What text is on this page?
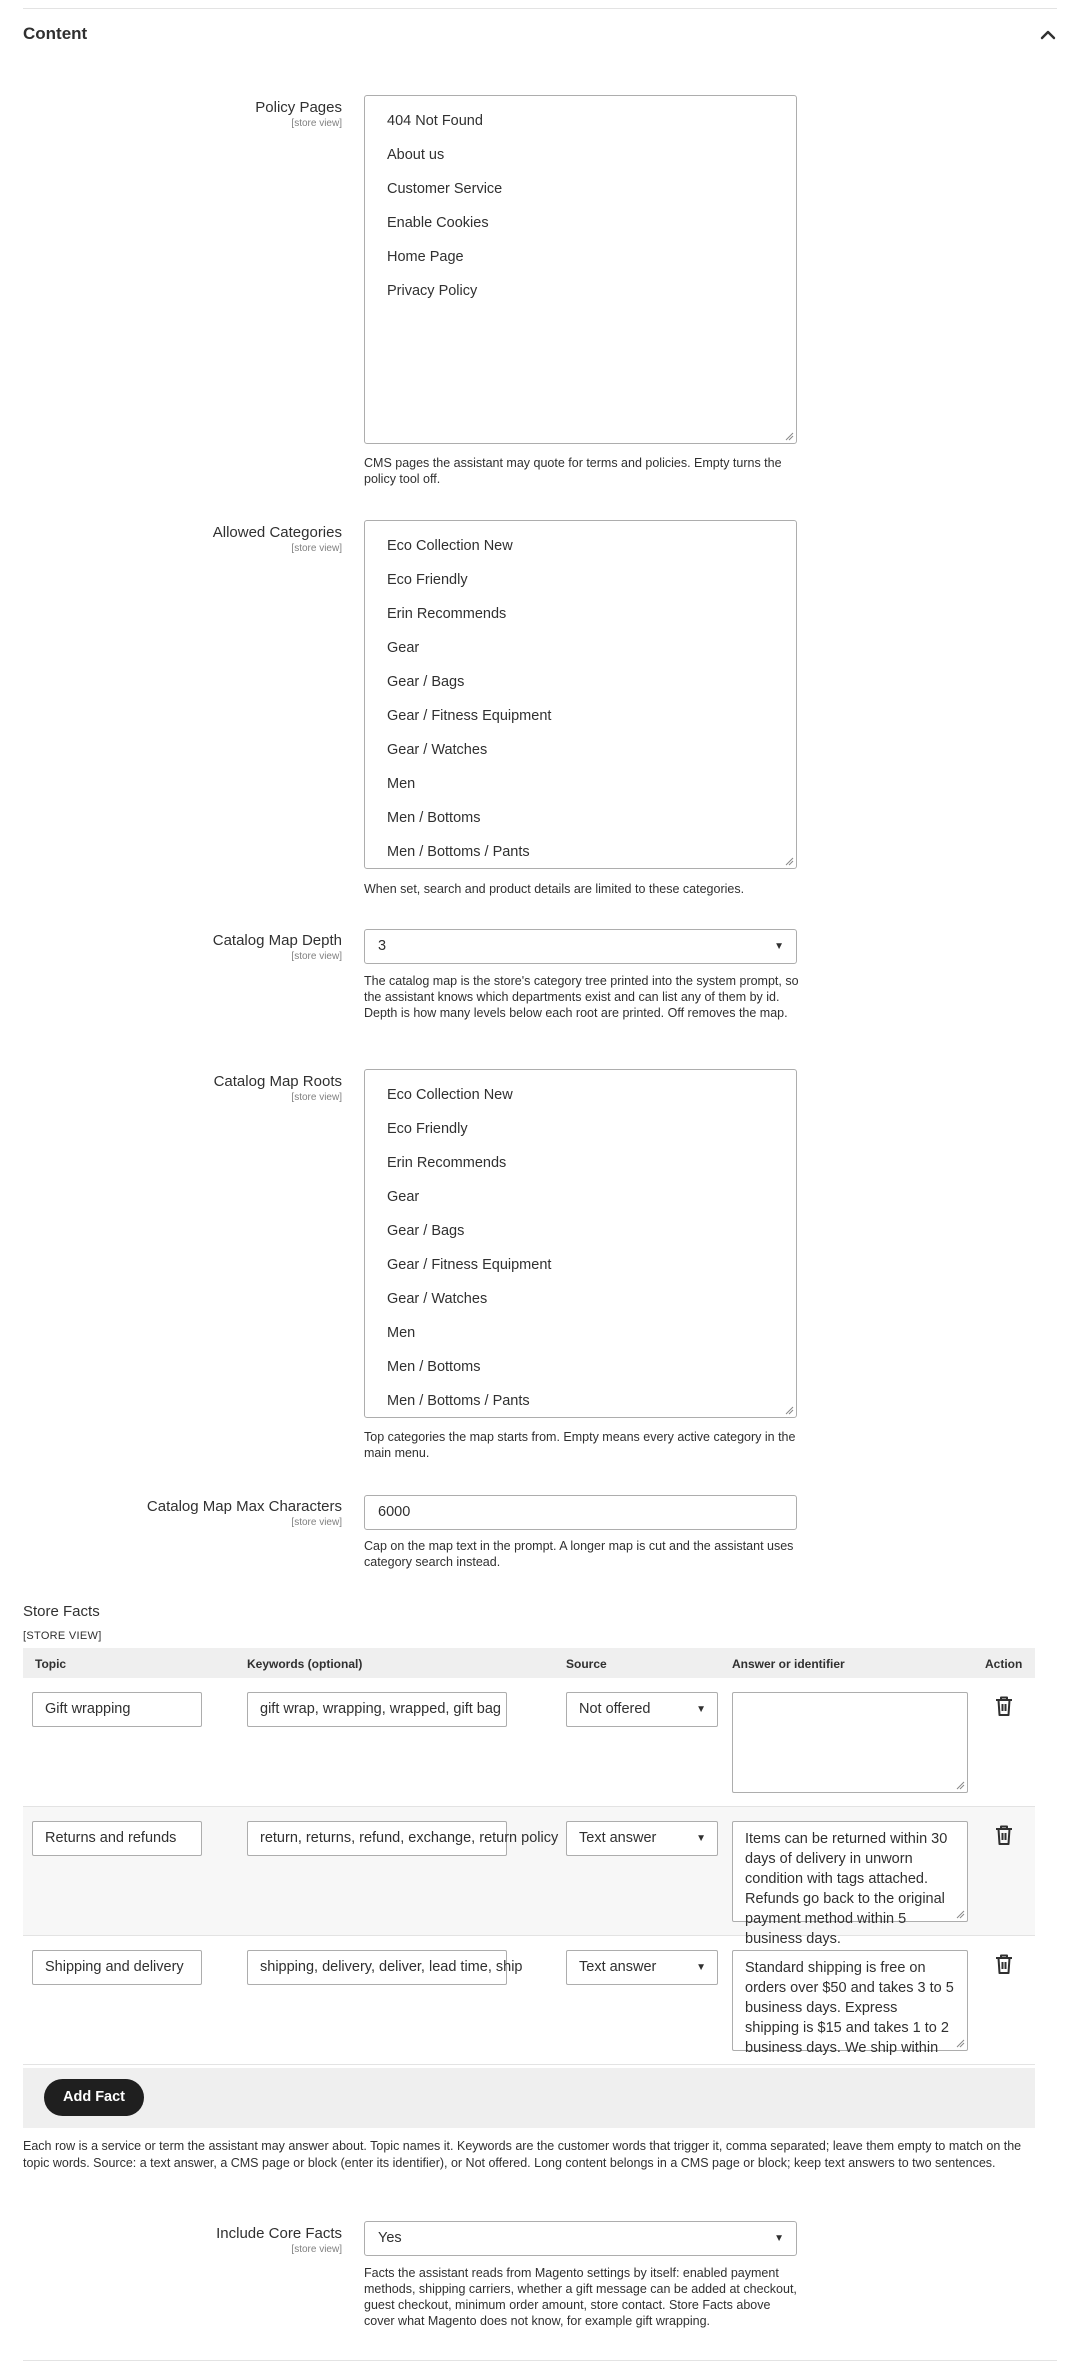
Content
Policy Pages
[store view]	404 Not Found
About us
Customer Service
Enable Cookies
Home Page
Privacy Policy
CMS pages the assistant may quote for terms and policies. Empty turns the policy tool off.
Allowed Categories
[store view]	Eco Collection New
Eco Friendly
Erin Recommends
Gear
Gear / Bags
Gear / Fitness Equipment
Gear / Watches
Men
Men / Bottoms
Men / Bottoms / Pants
When set, search and product details are limited to these categories.
Catalog Map Depth
[store view]
3	▼
The catalog map is the store's category tree printed into the system prompt, so the assistant knows which departments exist and can list any of them by id. Depth is how many levels below each root are printed. Off removes the map.
Catalog Map Roots
[store view]	Eco Collection New
Eco Friendly
Erin Recommends
Gear
Gear / Bags
Gear / Fitness Equipment
Gear / Watches
Men
Men / Bottoms
Men / Bottoms / Pants
Top categories the map starts from. Empty means every active category in the main menu.
Catalog Map Max Characters
[store view]
6000
Cap on the map text in the prompt. A longer map is cut and the assistant uses category search instead.
Store Facts
[STORE VIEW]
Topic	Keywords (optional)	Source	Answer or identifier	Action
Gift wrapping	gift wrap, wrapping, wrapped, gift bag	Not offered	▼
Returns and refunds	return, returns, refund, exchange, return policy	Text answer	▼	Items can be returned within 30 days of delivery in unworn condition with tags attached. Refunds go back to the original payment method within 5 business days.
Shipping and delivery	shipping, delivery, deliver, lead time, ship	Text answer	▼	Standard shipping is free on orders over $50 and takes 3 to 5 business days. Express shipping is $15 and takes 1 to 2 business days. We ship within
Add Fact
Each row is a service or term the assistant may answer about. Topic names it. Keywords are the customer words that trigger it, comma separated; leave them empty to match on the topic words. Source: a text answer, a CMS page or block (enter its identifier), or Not offered. Long content belongs in a CMS page or block; keep text answers to two sentences.
Include Core Facts
[store view]
Yes	▼
Facts the assistant reads from Magento settings by itself: enabled payment methods, shipping carriers, whether a gift message can be added at checkout, guest checkout, minimum order amount, store contact. Store Facts above cover what Magento does not know, for example gift wrapping.
